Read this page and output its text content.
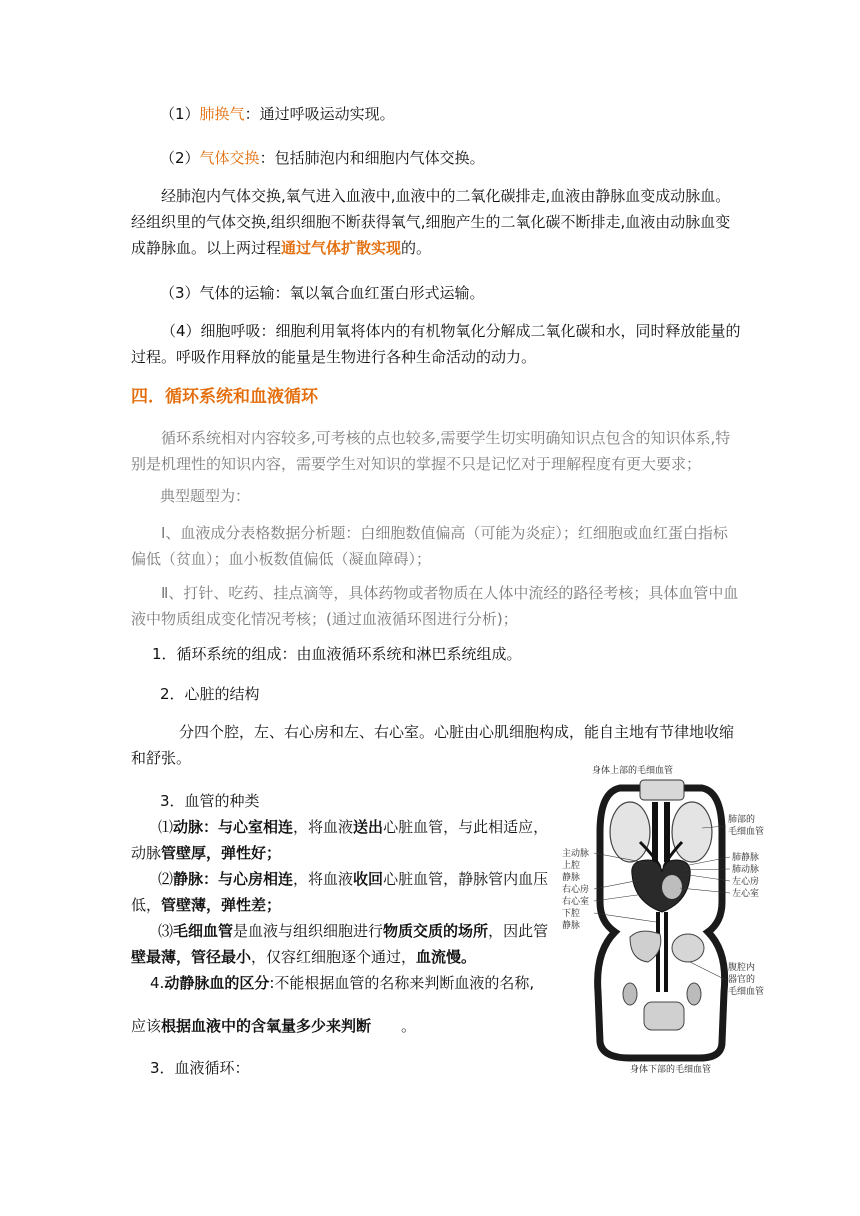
（1）肺换气：通过呼吸运动实现。
（2）气体交换：包括肺泡内和细胞内气体交换。
经肺泡内气体交换,氧气进入血液中,血液中的二氧化碳排走,血液由静脉血变成动脉血。经组织里的气体交换,组织细胞不断获得氧气,细胞产生的二氧化碳不断排走,血液由动脉血变成静脉血。以上两过程通过气体扩散实现的。
（3）气体的运输：氧以氧合血红蛋白形式运输。
（4）细胞呼吸：细胞利用氧将体内的有机物氧化分解成二氧化碳和水，同时释放能量的过程。呼吸作用释放的能量是生物进行各种生命活动的动力。
四．循环系统和血液循环
循环系统相对内容较多,可考核的点也较多,需要学生切实明确知识点包含的知识体系,特别是机理性的知识内容，需要学生对知识的掌握不只是记忆对于理解程度有更大要求；
典型题型为：
Ⅰ、血液成分表格数据分析题：白细胞数值偏高（可能为炎症）；红细胞或血红蛋白指标偏低（贫血）；血小板数值偏低（凝血障碍）；
Ⅱ、打针、吃药、挂点滴等，具体药物或者物质在人体中流经的路径考核；具体血管中血液中物质组成变化情况考核；(通过血液循环图进行分析)；
1．循环系统的组成：由血液循环系统和淋巴系统组成。
2．心脏的结构
分四个腔，左、右心房和左、右心室。心脏由心肌细胞构成，能自主地有节律地收缩和舒张。
3．血管的种类
⑴动脉：与心室相连，将血液送出心脏血管，与此相适应，
动脉管壁厚，弹性好；
⑵静脉：与心房相连，将血液收回心脏血管，静脉管内血压
低，管壁薄，弹性差；
⑶毛细血管是血液与组织细胞进行物质交质的场所，因此管
壁最薄，管径最小，仅容红细胞逐个通过，血流慢。
4.动静脉血的区分:不能根据血管的名称来判断血液的名称,
应该根据血液中的含氧量多少来判断　　。
3．血液循环：
身体上部的毛细血管
身体下部的毛细血管
主动脉
上腔
静脉
右心房
右心室
下腔
静脉
肺部的
毛细血管
肺静脉
肺动脉
左心房
左心室
腹腔内
器官的
毛细血管
